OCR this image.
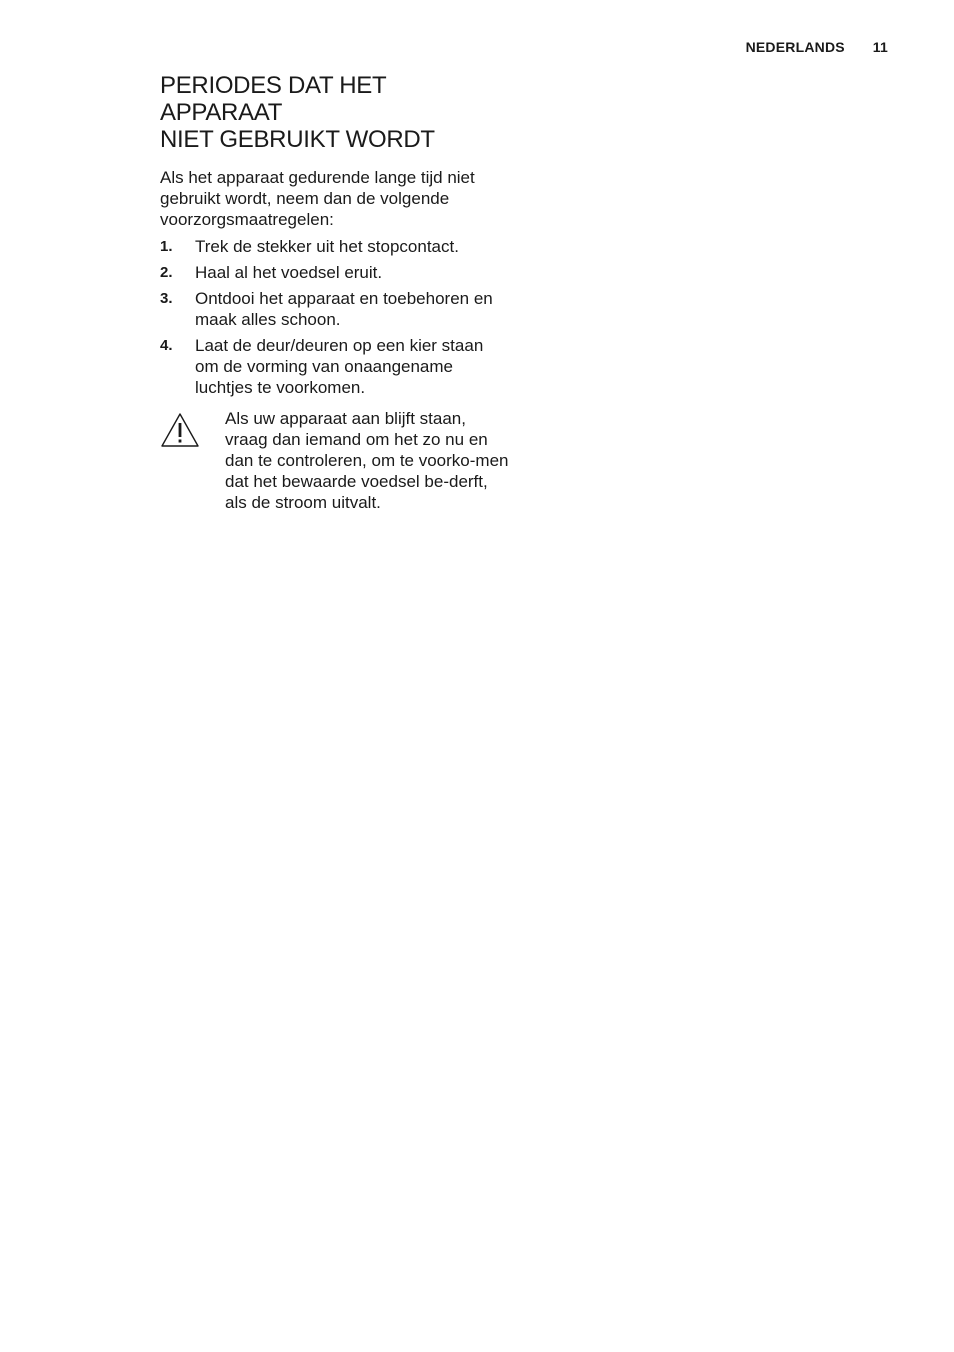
NEDERLANDS 11
PERIODES DAT HET APPARAAT
NIET GEBRUIKT WORDT

Als het apparaat gedurende lange tijd niet gebruikt wordt, neem dan de volgende voorzorgsmaatregelen:

1.	Trek de stekker uit het stopcontact.
2.	Haal al het voedsel eruit.
3.	Ontdooi het apparaat en toebehoren en maak alles schoon.
4.	Laat de deur/deuren op een kier staan om de vorming van onaangename luchtjes te voorkomen.
Als uw apparaat aan blijft staan, vraag dan iemand om het zo nu en dan te controleren, om te voorko-men dat het bewaarde voedsel be-derft, als de stroom uitvalt.
